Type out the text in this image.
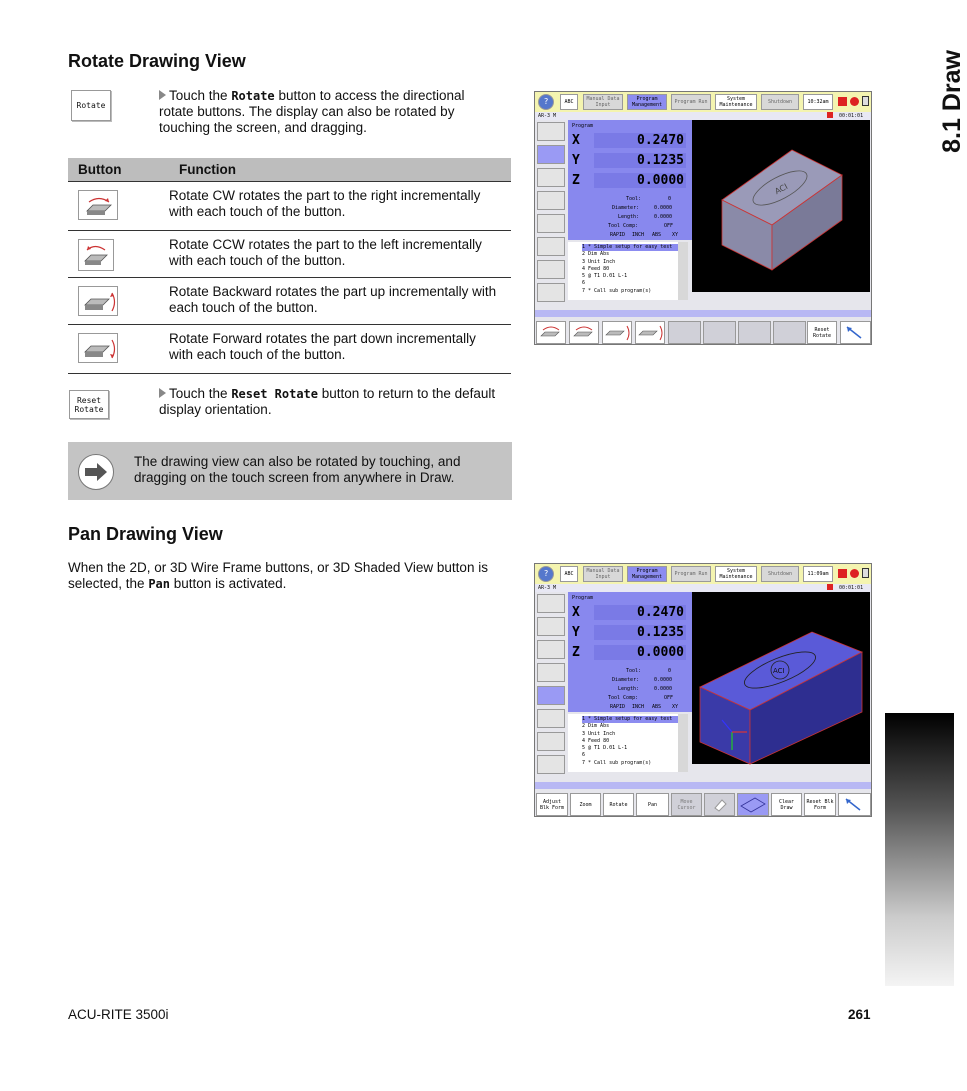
8.1 Draw
Rotate Drawing View
Rotate
Touch the Rotate button to access the directional rotate buttons. The display can also be rotated by touching the screen, and dragging.
Button	Function

	Rotate CW rotates the part to the right incrementally with each touch of the button.

	Rotate CCW rotates the part to the left incrementally with each touch of the button.

	Rotate Backward rotates the part up incrementally with each touch of the button.

	Rotate Forward rotates the part down incrementally with each touch of the button.
Reset
Rotate
Touch the Reset Rotate button to return to the default display orientation.
The drawing view can also be rotated by touching, and dragging on the touch screen from anywhere in Draw.
Pan Drawing View
When the 2D, or 3D Wire Frame buttons, or 3D Shaded View button is selected, the Pan button is activated.
?	ABC	Manual Data Input
Program Management	Program Run	System Maintenance	Shutdown	10:32am
AR-3 M	00:01:01
Program
X	0.2470
Y	0.1235
Z	0.0000
Tool:	0
Diameter:	0.0000
Length:	0.0000
Tool Comp:	OFF
RAPID INCH ABS XY
1 * Simple setup for easy test
2 Dim Abs
3 Unit Inch
4 Feed 80
5 @ T1 D.01 L-1
6
7 * Call sub program(s)
ACI
Reset Rotate
?	ABC	Manual Data Input
Program Management	Program Run	System Maintenance	Shutdown	11:09am
AR-3 M	00:01:01
Program
X	0.2470
Y	0.1235
Z	0.0000
Tool:	0
Diameter:	0.0000
Length:	0.0000
Tool Comp:	OFF
RAPID INCH ABS XY
1 * Simple setup for easy test
2 Dim Abs
3 Unit Inch
4 Feed 80
5 @ T1 D.01 L-1
6
7 * Call sub program(s)
ACI
Adjust Blk Form	Zoom	Rotate	Pan	Move Cursor
Clear Draw
Reset Blk Form
ACU-RITE 3500i	261
